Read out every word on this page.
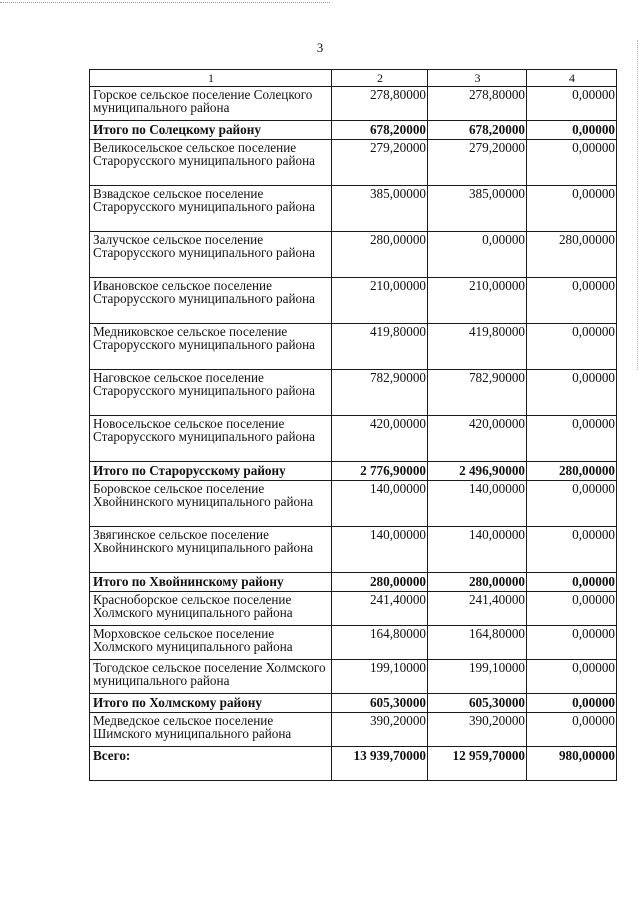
3
1	2	3	4
Горское сельское поселение Солецкого муниципального района	278,80000	278,80000	0,00000
Итого по Солецкому району	678,20000	678,20000	0,00000
Великосельское сельское поселение Старорусского муниципального района	279,20000	279,20000	0,00000
Взвадское сельское поселение Старорусского муниципального района	385,00000	385,00000	0,00000
Залучское сельское поселение Старорусского муниципального района	280,00000	0,00000	280,00000
Ивановское сельское поселение Старорусского муниципального района	210,00000	210,00000	0,00000
Медниковское сельское поселение Старорусского муниципального района	419,80000	419,80000	0,00000
Наговское сельское поселение Старорусского муниципального района	782,90000	782,90000	0,00000
Новосельское сельское поселение Старорусского муниципального района	420,00000	420,00000	0,00000
Итого по Старорусскому району	2 776,90000	2 496,90000	280,00000
Боровское сельское поселение Хвойнинского муниципального района	140,00000	140,00000	0,00000
Звягинское сельское поселение Хвойнинского муниципального района	140,00000	140,00000	0,00000
Итого по Хвойнинскому району	280,00000	280,00000	0,00000
Красноборское сельское поселение Холмского муниципального района	241,40000	241,40000	0,00000
Морховское сельское поселение Холмского муниципального района	164,80000	164,80000	0,00000
Тогодское сельское поселение Холмского муниципального района	199,10000	199,10000	0,00000
Итого по Холмскому району	605,30000	605,30000	0,00000
Медведское сельское поселение Шимского муниципального района	390,20000	390,20000	0,00000
Всего:	13 939,70000	12 959,70000	980,00000
